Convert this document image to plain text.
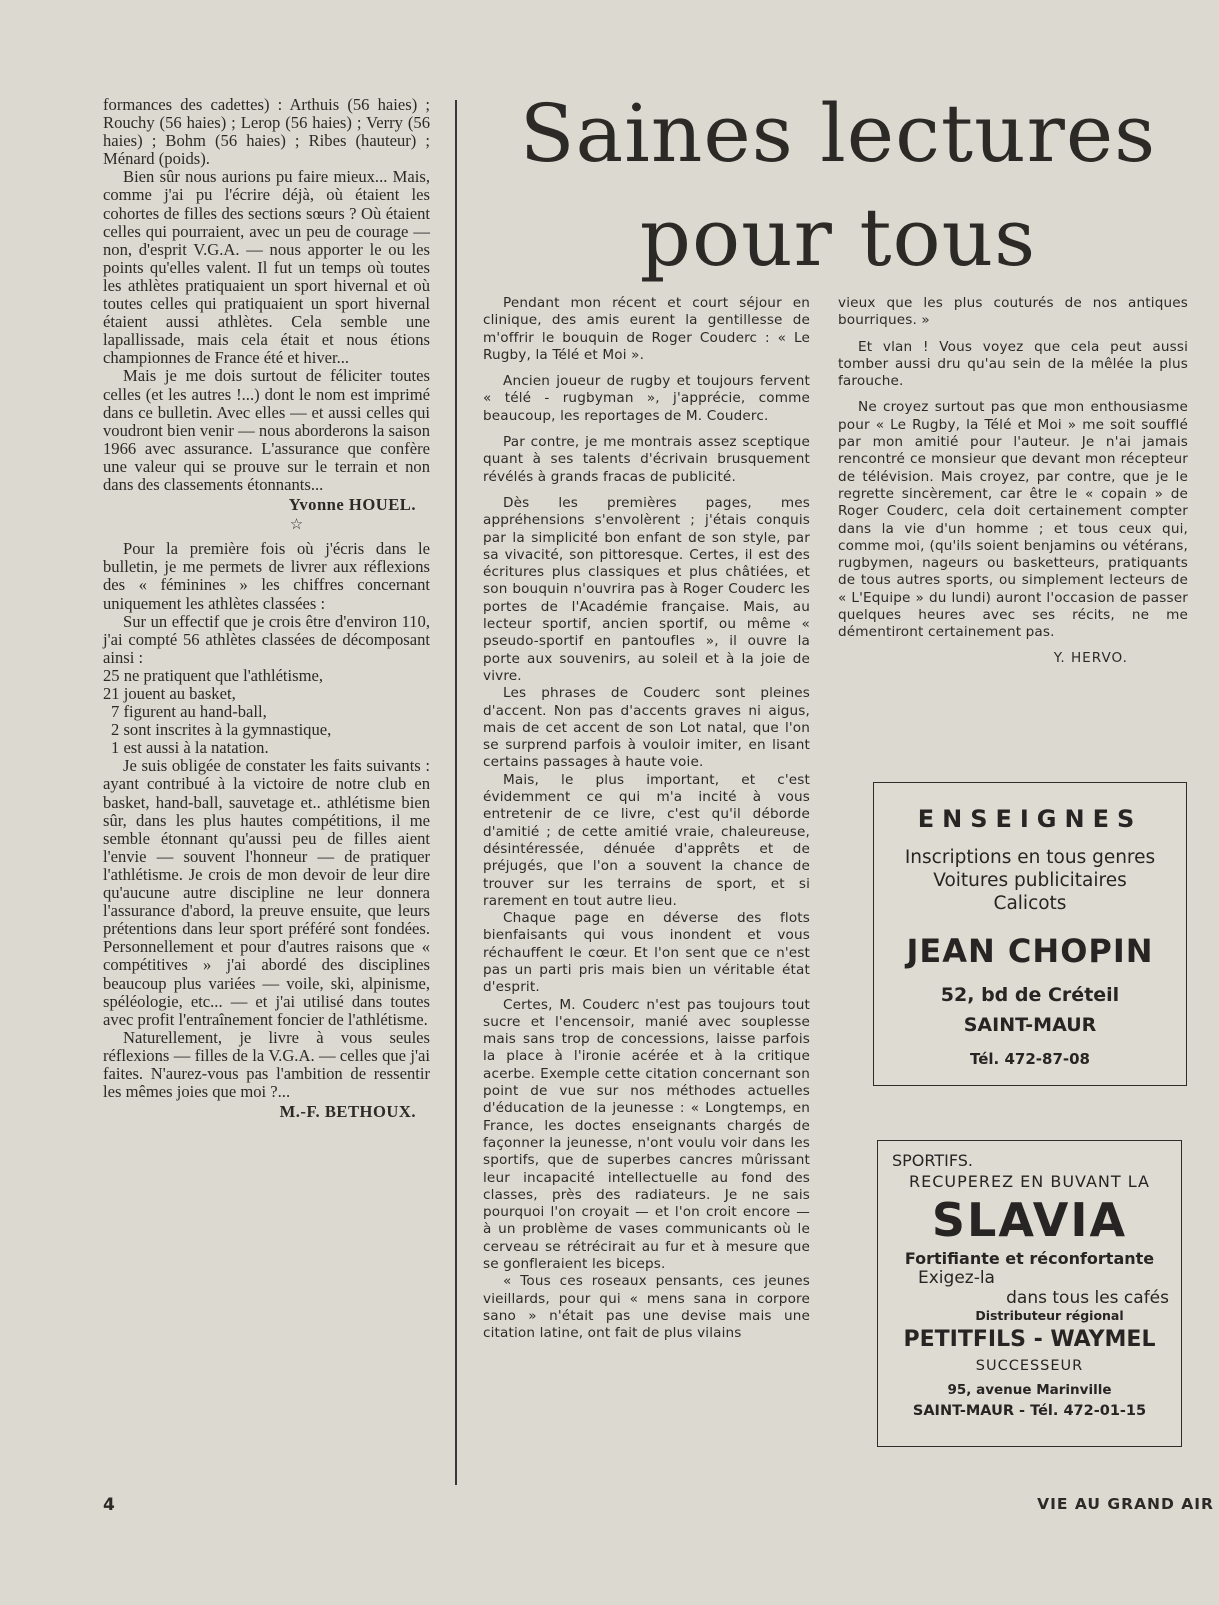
formances des cadettes) : Arthuis (56 haies) ; Rouchy (56 haies) ; Lerop (56 haies) ; Verry (56 haies) ; Bohm (56 haies) ; Ribes (hauteur) ; Ménard (poids).

Bien sûr nous aurions pu faire mieux... Mais, comme j'ai pu l'écrire déjà, où étaient les cohortes de filles des sections sœurs ? Où étaient celles qui pourraient, avec un peu de courage — non, d'esprit V.G.A. — nous apporter le ou les points qu'elles valent. Il fut un temps où toutes les athlètes pratiquaient un sport hivernal et où toutes celles qui pratiquaient un sport hivernal étaient aussi athlètes. Cela semble une lapallissade, mais cela était et nous étions championnes de France été et hiver...

Mais je me dois surtout de féliciter toutes celles (et les autres !...) dont le nom est imprimé dans ce bulletin. Avec elles — et aussi celles qui voudront bien venir — nous aborderons la saison 1966 avec assurance. L'assurance que confère une valeur qui se prouve sur le terrain et non dans des classements étonnants...

Yvonne HOUEL.

☆

Pour la première fois où j'écris dans le bulletin, je me permets de livrer aux réflexions des « féminines » les chiffres concernant uniquement les athlètes classées :

Sur un effectif que je crois être d'environ 110, j'ai compté 56 athlètes classées de décomposant ainsi :

25 ne pratiquent que l'athlétisme,

21 jouent au basket,

7 figurent au hand-ball,

2 sont inscrites à la gymnastique,

1 est aussi à la natation.

Je suis obligée de constater les faits suivants : ayant contribué à la victoire de notre club en basket, hand-ball, sauvetage et.. athlétisme bien sûr, dans les plus hautes compétitions, il me semble étonnant qu'aussi peu de filles aient l'envie — souvent l'honneur — de pratiquer l'athlétisme. Je crois de mon devoir de leur dire qu'aucune autre discipline ne leur donnera l'assurance d'abord, la preuve ensuite, que leurs prétentions dans leur sport préféré sont fondées. Personnellement et pour d'autres raisons que « compétitives » j'ai abordé des disciplines beaucoup plus variées — voile, ski, alpinisme, spéléologie, etc... — et j'ai utilisé dans toutes avec profit l'entraînement foncier de l'athlétisme.

Naturellement, je livre à vous seules réflexions — filles de la V.G.A. — celles que j'ai faites. N'aurez-vous pas l'ambition de ressentir les mêmes joies que moi ?...

M.-F. BETHOUX.

Saines lectures
pour tous

Pendant mon récent et court séjour en clinique, des amis eurent la gentillesse de m'offrir le bouquin de Roger Couderc : « Le Rugby, la Télé et Moi ».

Ancien joueur de rugby et toujours fervent « télé - rugbyman », j'apprécie, comme beaucoup, les reportages de M. Couderc.

Par contre, je me montrais assez sceptique quant à ses talents d'écrivain brusquement révélés à grands fracas de publicité.

Dès les premières pages, mes appréhensions s'envolèrent ; j'étais conquis par la simplicité bon enfant de son style, par sa vivacité, son pittoresque. Certes, il est des écritures plus classiques et plus châtiées, et son bouquin n'ouvrira pas à Roger Couderc les portes de l'Académie française. Mais, au lecteur sportif, ancien sportif, ou même « pseudo-sportif en pantoufles », il ouvre la porte aux souvenirs, au soleil et à la joie de vivre.

Les phrases de Couderc sont pleines d'accent. Non pas d'accents graves ni aigus, mais de cet accent de son Lot natal, que l'on se surprend parfois à vouloir imiter, en lisant certains passages à haute voie.

Mais, le plus important, et c'est évidemment ce qui m'a incité à vous entretenir de ce livre, c'est qu'il déborde d'amitié ; de cette amitié vraie, chaleureuse, désintéressée, dénuée d'apprêts et de préjugés, que l'on a souvent la chance de trouver sur les terrains de sport, et si rarement en tout autre lieu.

Chaque page en déverse des flots bienfaisants qui vous inondent et vous réchauffent le cœur. Et l'on sent que ce n'est pas un parti pris mais bien un véritable état d'esprit.

Certes, M. Couderc n'est pas toujours tout sucre et l'encensoir, manié avec souplesse mais sans trop de concessions, laisse parfois la place à l'ironie acérée et à la critique acerbe. Exemple cette citation concernant son point de vue sur nos méthodes actuelles d'éducation de la jeunesse : « Longtemps, en France, les doctes enseignants chargés de façonner la jeunesse, n'ont voulu voir dans les sportifs, que de superbes cancres mûrissant leur incapacité intellectuelle au fond des classes, près des radiateurs. Je ne sais pourquoi l'on croyait — et l'on croit encore — à un problème de vases communicants où le cerveau se rétrécirait au fur et à mesure que se gonfleraient les biceps.

« Tous ces roseaux pensants, ces jeunes vieillards, pour qui « mens sana in corpore sano » n'était pas une devise mais une citation latine, ont fait de plus vilains

vieux que les plus couturés de nos antiques bourriques. »

Et vlan ! Vous voyez que cela peut aussi tomber aussi dru qu'au sein de la mêlée la plus farouche.

Ne croyez surtout pas que mon enthousiasme pour « Le Rugby, la Télé et Moi » me soit soufflé par mon amitié pour l'auteur. Je n'ai jamais rencontré ce monsieur que devant mon récepteur de télévision. Mais croyez, par contre, que je le regrette sincèrement, car être le « copain » de Roger Couderc, cela doit certainement compter dans la vie d'un homme ; et tous ceux qui, comme moi, (qu'ils soient benjamins ou vétérans, rugbymen, nageurs ou basketteurs, pratiquants de tous autres sports, ou simplement lecteurs de « L'Equipe » du lundi) auront l'occasion de passer quelques heures avec ses récits, ne me démentiront certainement pas.

Y. HERVO.

ENSEIGNES
Inscriptions en tous genres
Voitures publicitaires
Calicots
JEAN CHOPIN
52, bd de Créteil
SAINT-MAUR
Tél. 472-87-08
SPORTIFS.
RECUPEREZ EN BUVANT LA
SLAVIA
Fortifiante et réconfortante
Exigez-la
dans tous les cafés
Distributeur régional
PETITFILS - WAYMEL
SUCCESSEUR
95, avenue Marinville
SAINT-MAUR - Tél. 472-01-15
4	VIE AU GRAND AIR
